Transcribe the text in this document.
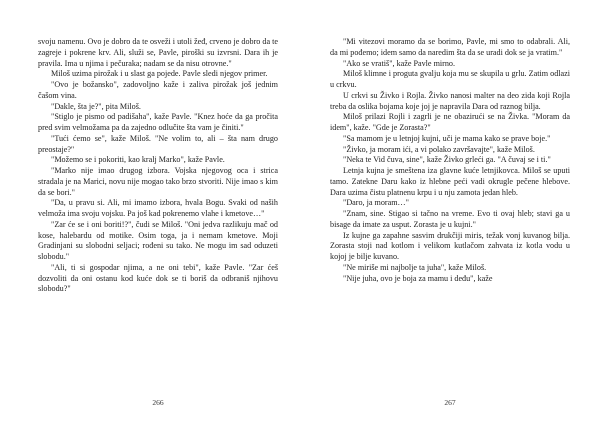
svoju namenu. Ovo je dobro da te osveži i utoli žeđ, crveno je dobro da te zagreje i pokrene krv. Ali, služi se, Pavle, piroški su izvrsni. Dara ih je pravila. Ima u njima i pečuraka; nadam se da nisu otrovne."

Miloš uzima pirožak i u slast ga pojede. Pavle sledi njegov primer.

"Ovo je božansko", zadovoljno kaže i zaliva pirožak još jednim čašom vina.

"Dakle, šta je?", pita Miloš.

"Stiglo je pismo od padišaha", kaže Pavle. "Knez hoće da ga pročita pred svim velmožama pa da zajedno odlučite šta vam je činiti."

"Tući ćemo se", kaže Miloš. "Ne volim to, ali – šta nam drugo preostaje?"

"Možemo se i pokoriti, kao kralj Marko", kaže Pavle.

"Marko nije imao drugog izbora. Vojska njegovog oca i strica stradala je na Marici, novu nije mogao tako brzo stvoriti. Nije imao s kim da se bori."

"Da, u pravu si. Ali, mi imamo izbora, hvala Bogu. Svaki od naših velmoža ima svoju vojsku. Pa još kad pokrenemo vlahe i kmetove…"

"Zar će se i oni boriti!?", čudi se Miloš. "Oni jedva razlikuju mač od kose, halebardu od motike. Osim toga, ja i nemam kmetove. Moji Gradinjani su slobodni seljaci; rođeni su tako. Ne mogu im sad oduzeti slobodu."

"Ali, ti si gospodar njima, a ne oni tebi", kaže Pavle. "Zar ćeš dozvoliti da oni ostanu kod kuće dok se ti boriš da odbraniš njihovu slobodu?"

266

"Mi vitezovi moramo da se borimo, Pavle, mi smo to odabrali. Ali, da mi pođemo; idem samo da naredim šta da se uradi dok se ja vratim."

"Ako se vratiš", kaže Pavle mirno.

Miloš klimne i proguta gvalju koja mu se skupila u grlu. Zatim odlazi u crkvu.

U crkvi su Živko i Rojla. Živko nanosi malter na deo zida koji Rojla treba da oslika bojama koje joj je napravila Dara od raznog bilja.

Miloš prilazi Rojli i zagrli je ne obazirući se na Živka. "Moram da idem", kaže. "Gde je Zorasta?"

"Sa mamom je u letnjoj kujni, uči je mama kako se prave boje."

"Živko, ja moram ići, a vi polako završavajte", kaže Miloš.

"Neka te Vid čuva, sine", kaže Živko grleći ga. "A čuvaj se i ti."

Letnja kujna je smeštena iza glavne kuće letnjikovca. Miloš se uputi tamo. Zatekne Daru kako iz hlebne peći vadi okrugle pečene hlebove. Dara uzima čistu platnenu krpu i u nju zamota jedan hleb.

"Daro, ja moram…"

"Znam, sine. Stigao si tačno na vreme. Evo ti ovaj hleb; stavi ga u bisage da imate za usput. Zorasta je u kujni."

Iz kujne ga zapahne sasvim drukčiji miris, težak vonj kuvanog bilja. Zorasta stoji nad kotlom i velikom kutlačom zahvata iz kotla vodu u kojoj je bilje kuvano.

"Ne miriše mi najbolje ta juha", kaže Miloš.

"Nije juha, ovo je boja za mamu i deđu", kaže

267
